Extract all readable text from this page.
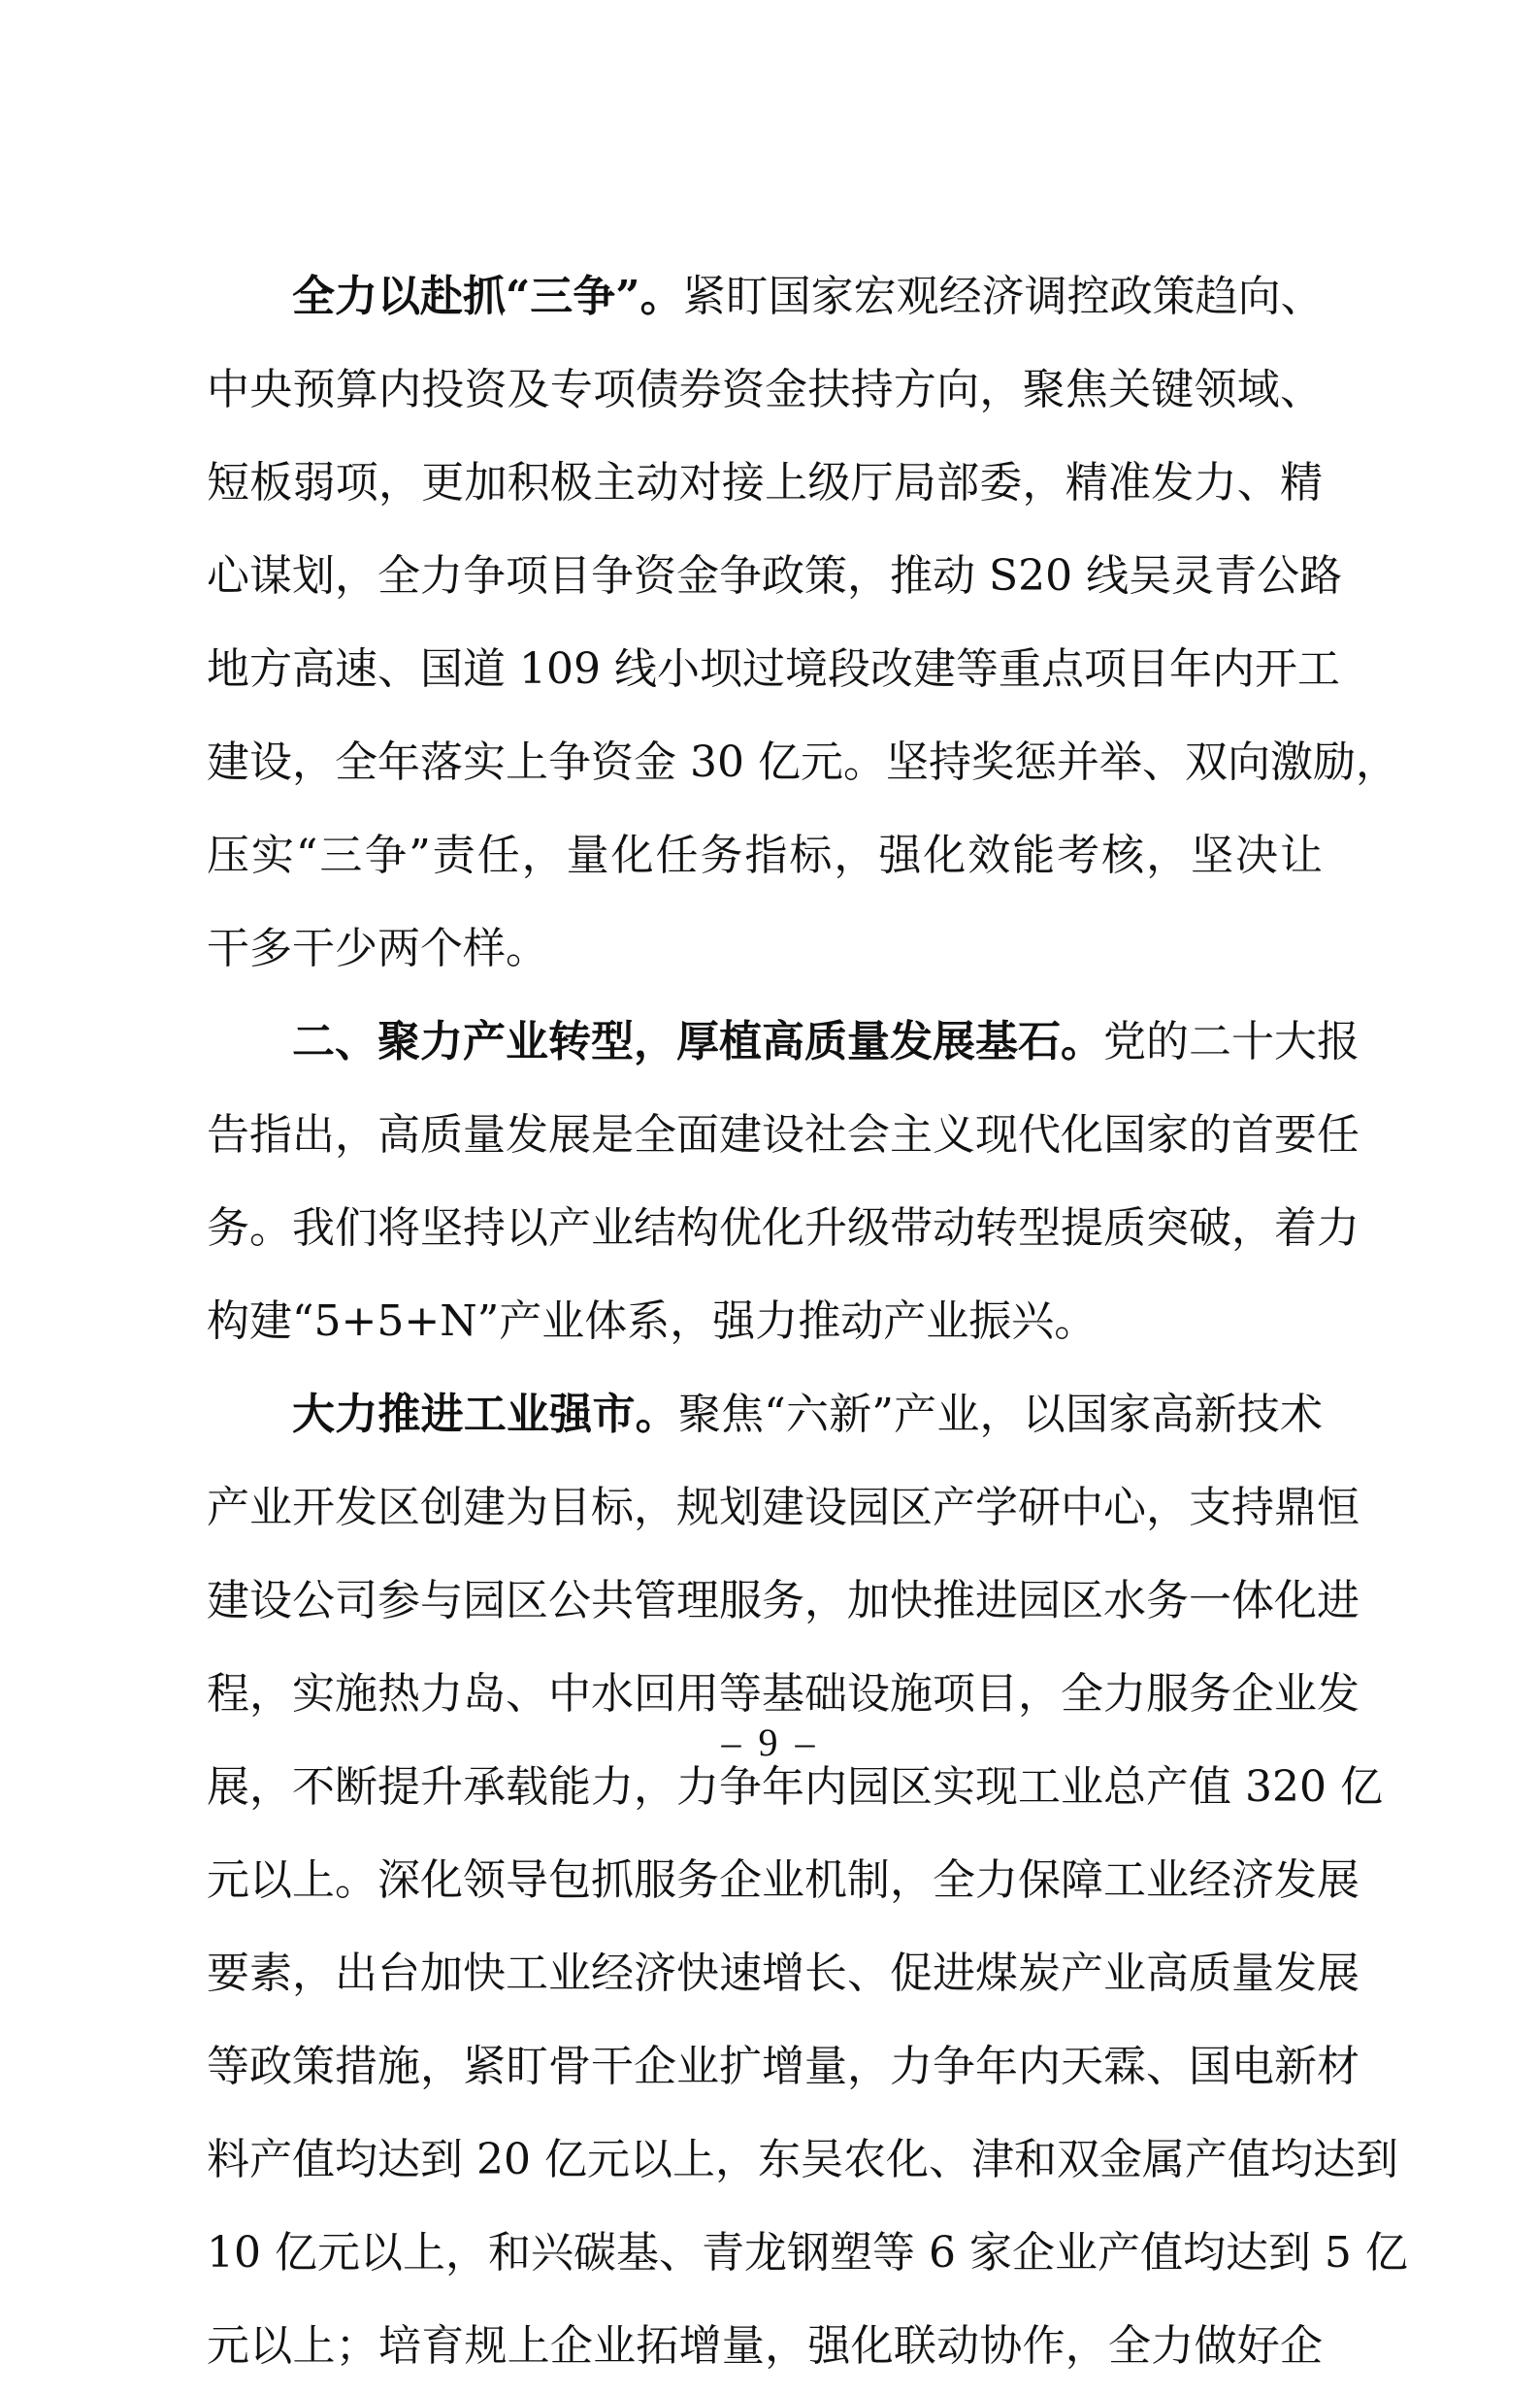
全力以赴抓“三争”。紧盯国家宏观经济调控政策趋向、
中央预算内投资及专项债券资金扶持方向，聚焦关键领域、
短板弱项，更加积极主动对接上级厅局部委，精准发力、精
心谋划，全力争项目争资金争政策，推动 S20 线吴灵青公路
地方高速、国道 109 线小坝过境段改建等重点项目年内开工
建设，全年落实上争资金 30 亿元。坚持奖惩并举、双向激励，
压实“三争”责任，量化任务指标，强化效能考核，坚决让
干多干少两个样。
二、聚力产业转型，厚植高质量发展基石。党的二十大报
告指出，高质量发展是全面建设社会主义现代化国家的首要任
务。我们将坚持以产业结构优化升级带动转型提质突破，着力
构建“5+5+N”产业体系，强力推动产业振兴。
大力推进工业强市。聚焦“六新”产业，以国家高新技术
产业开发区创建为目标，规划建设园区产学研中心，支持鼎恒
建设公司参与园区公共管理服务，加快推进园区水务一体化进
程，实施热力岛、中水回用等基础设施项目，全力服务企业发
展，不断提升承载能力，力争年内园区实现工业总产值 320 亿
元以上。深化领导包抓服务企业机制，全力保障工业经济发展
要素，出台加快工业经济快速增长、促进煤炭产业高质量发展
等政策措施，紧盯骨干企业扩增量，力争年内天霖、国电新材
料产值均达到 20 亿元以上，东吴农化、津和双金属产值均达到
10 亿元以上，和兴碳基、青龙钢塑等 6 家企业产值均达到 5 亿
元以上；培育规上企业拓增量，强化联动协作，全力做好企
– 9 –
